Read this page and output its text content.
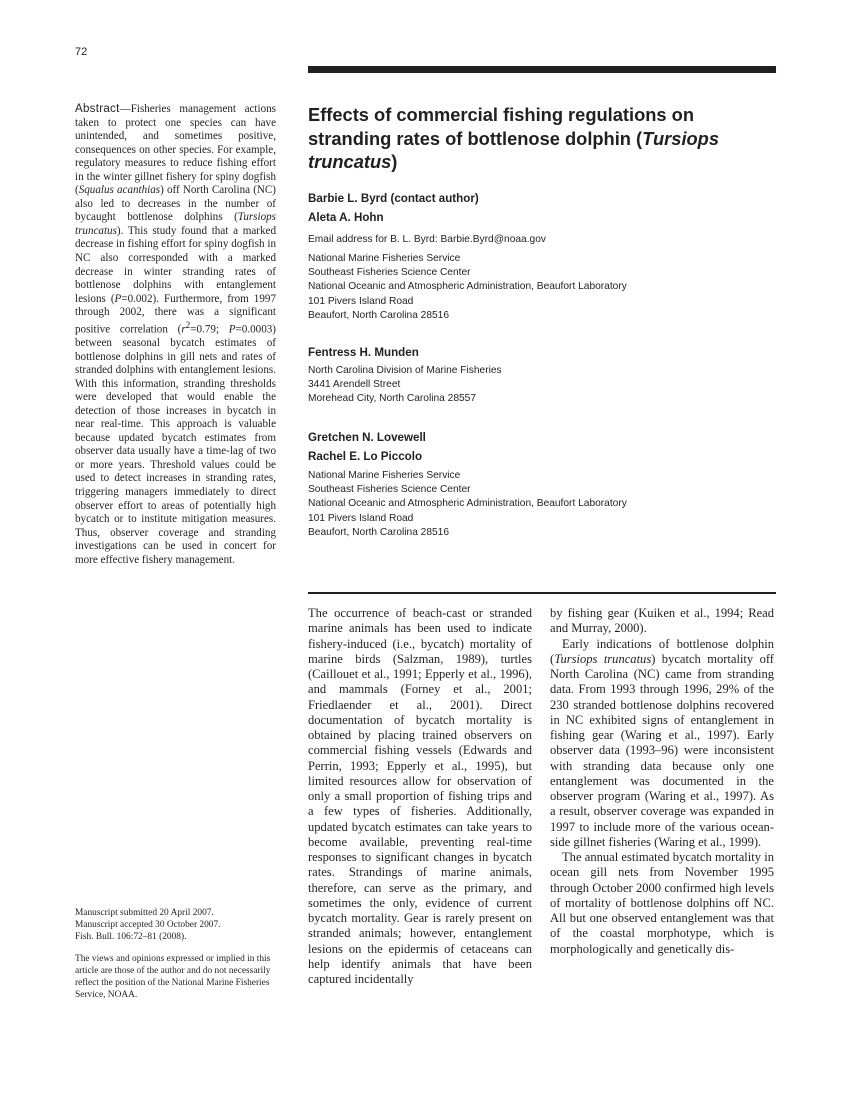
72
Abstract—Fisheries management actions taken to protect one species can have unintended, and sometimes positive, consequences on other species. For example, regulatory measures to reduce fishing effort in the winter gillnet fishery for spiny dogfish (Squalus acanthias) off North Carolina (NC) also led to decreases in the number of bycaught bottlenose dolphins (Tursiops truncatus). This study found that a marked decrease in fishing effort for spiny dogfish in NC also corresponded with a marked decrease in winter stranding rates of bottlenose dolphins with entanglement lesions (P=0.002). Furthermore, from 1997 through 2002, there was a significant positive correlation ($r^2=0.79$; P=0.0003) between seasonal bycatch estimates of bottlenose dolphins in gill nets and rates of stranded dolphins with entanglement lesions. With this information, stranding thresholds were developed that would enable the detection of those increases in bycatch in near real-time. This approach is valuable because updated bycatch estimates from observer data usually have a time-lag of two or more years. Threshold values could be used to detect increases in stranding rates, triggering managers immediately to direct observer effort to areas of potentially high bycatch or to institute mitigation measures. Thus, observer coverage and stranding investigations can be used in concert for more effective fishery management.

Manuscript submitted 20 April 2007.
Manuscript accepted 30 October 2007.
Fish. Bull. 106:72–81 (2008).

The views and opinions expressed or implied in this article are those of the author and do not necessarily reflect the position of the National Marine Fisheries Service, NOAA.

Effects of commercial fishing regulations on stranding rates of bottlenose dolphin (Tursiops truncatus)
Barbie L. Byrd (contact author)
Aleta A. Hohn
Email address for B. L. Byrd: Barbie.Byrd@noaa.gov
National Marine Fisheries Service
Southeast Fisheries Science Center
National Oceanic and Atmospheric Administration, Beaufort Laboratory
101 Pivers Island Road
Beaufort, North Carolina 28516
Fentress H. Munden
North Carolina Division of Marine Fisheries
3441 Arendell Street
Morehead City, North Carolina 28557
Gretchen N. Lovewell
Rachel E. Lo Piccolo
National Marine Fisheries Service
Southeast Fisheries Science Center
National Oceanic and Atmospheric Administration, Beaufort Laboratory
101 Pivers Island Road
Beaufort, North Carolina 28516

The occurrence of beach-cast or stranded marine animals has been used to indicate fishery-induced (i.e., bycatch) mortality of marine birds (Salzman, 1989), turtles (Caillouet et al., 1991; Epperly et al., 1996), and mammals (Forney et al., 2001; Friedlaender et al., 2001). Direct documentation of bycatch mortality is obtained by placing trained observers on commercial fishing vessels (Edwards and Perrin, 1993; Epperly et al., 1995), but limited resources allow for observation of only a small proportion of fishing trips and a few types of fisheries. Additionally, updated bycatch estimates can take years to become available, preventing real-time responses to significant changes in bycatch rates. Strandings of marine animals, therefore, can serve as the primary, and sometimes the only, evidence of current bycatch mortality. Gear is rarely present on stranded animals; however, entanglement lesions on the epidermis of cetaceans can help identify animals that have been captured incidentally

by fishing gear (Kuiken et al., 1994; Read and Murray, 2000).

Early indications of bottlenose dolphin (Tursiops truncatus) bycatch mortality off North Carolina (NC) came from stranding data. From 1993 through 1996, 29% of the 230 stranded bottlenose dolphins recovered in NC exhibited signs of entanglement in fishing gear (Waring et al., 1997). Early observer data (1993–96) were inconsistent with stranding data because only one entanglement was documented in the observer program (Waring et al., 1997). As a result, observer coverage was expanded in 1997 to include more of the various ocean-side gillnet fisheries (Waring et al., 1999).

The annual estimated bycatch mortality in ocean gill nets from November 1995 through October 2000 confirmed high levels of mortality of bottlenose dolphins off NC. All but one observed entanglement was that of the coastal morphotype, which is morphologically and genetically dis-
